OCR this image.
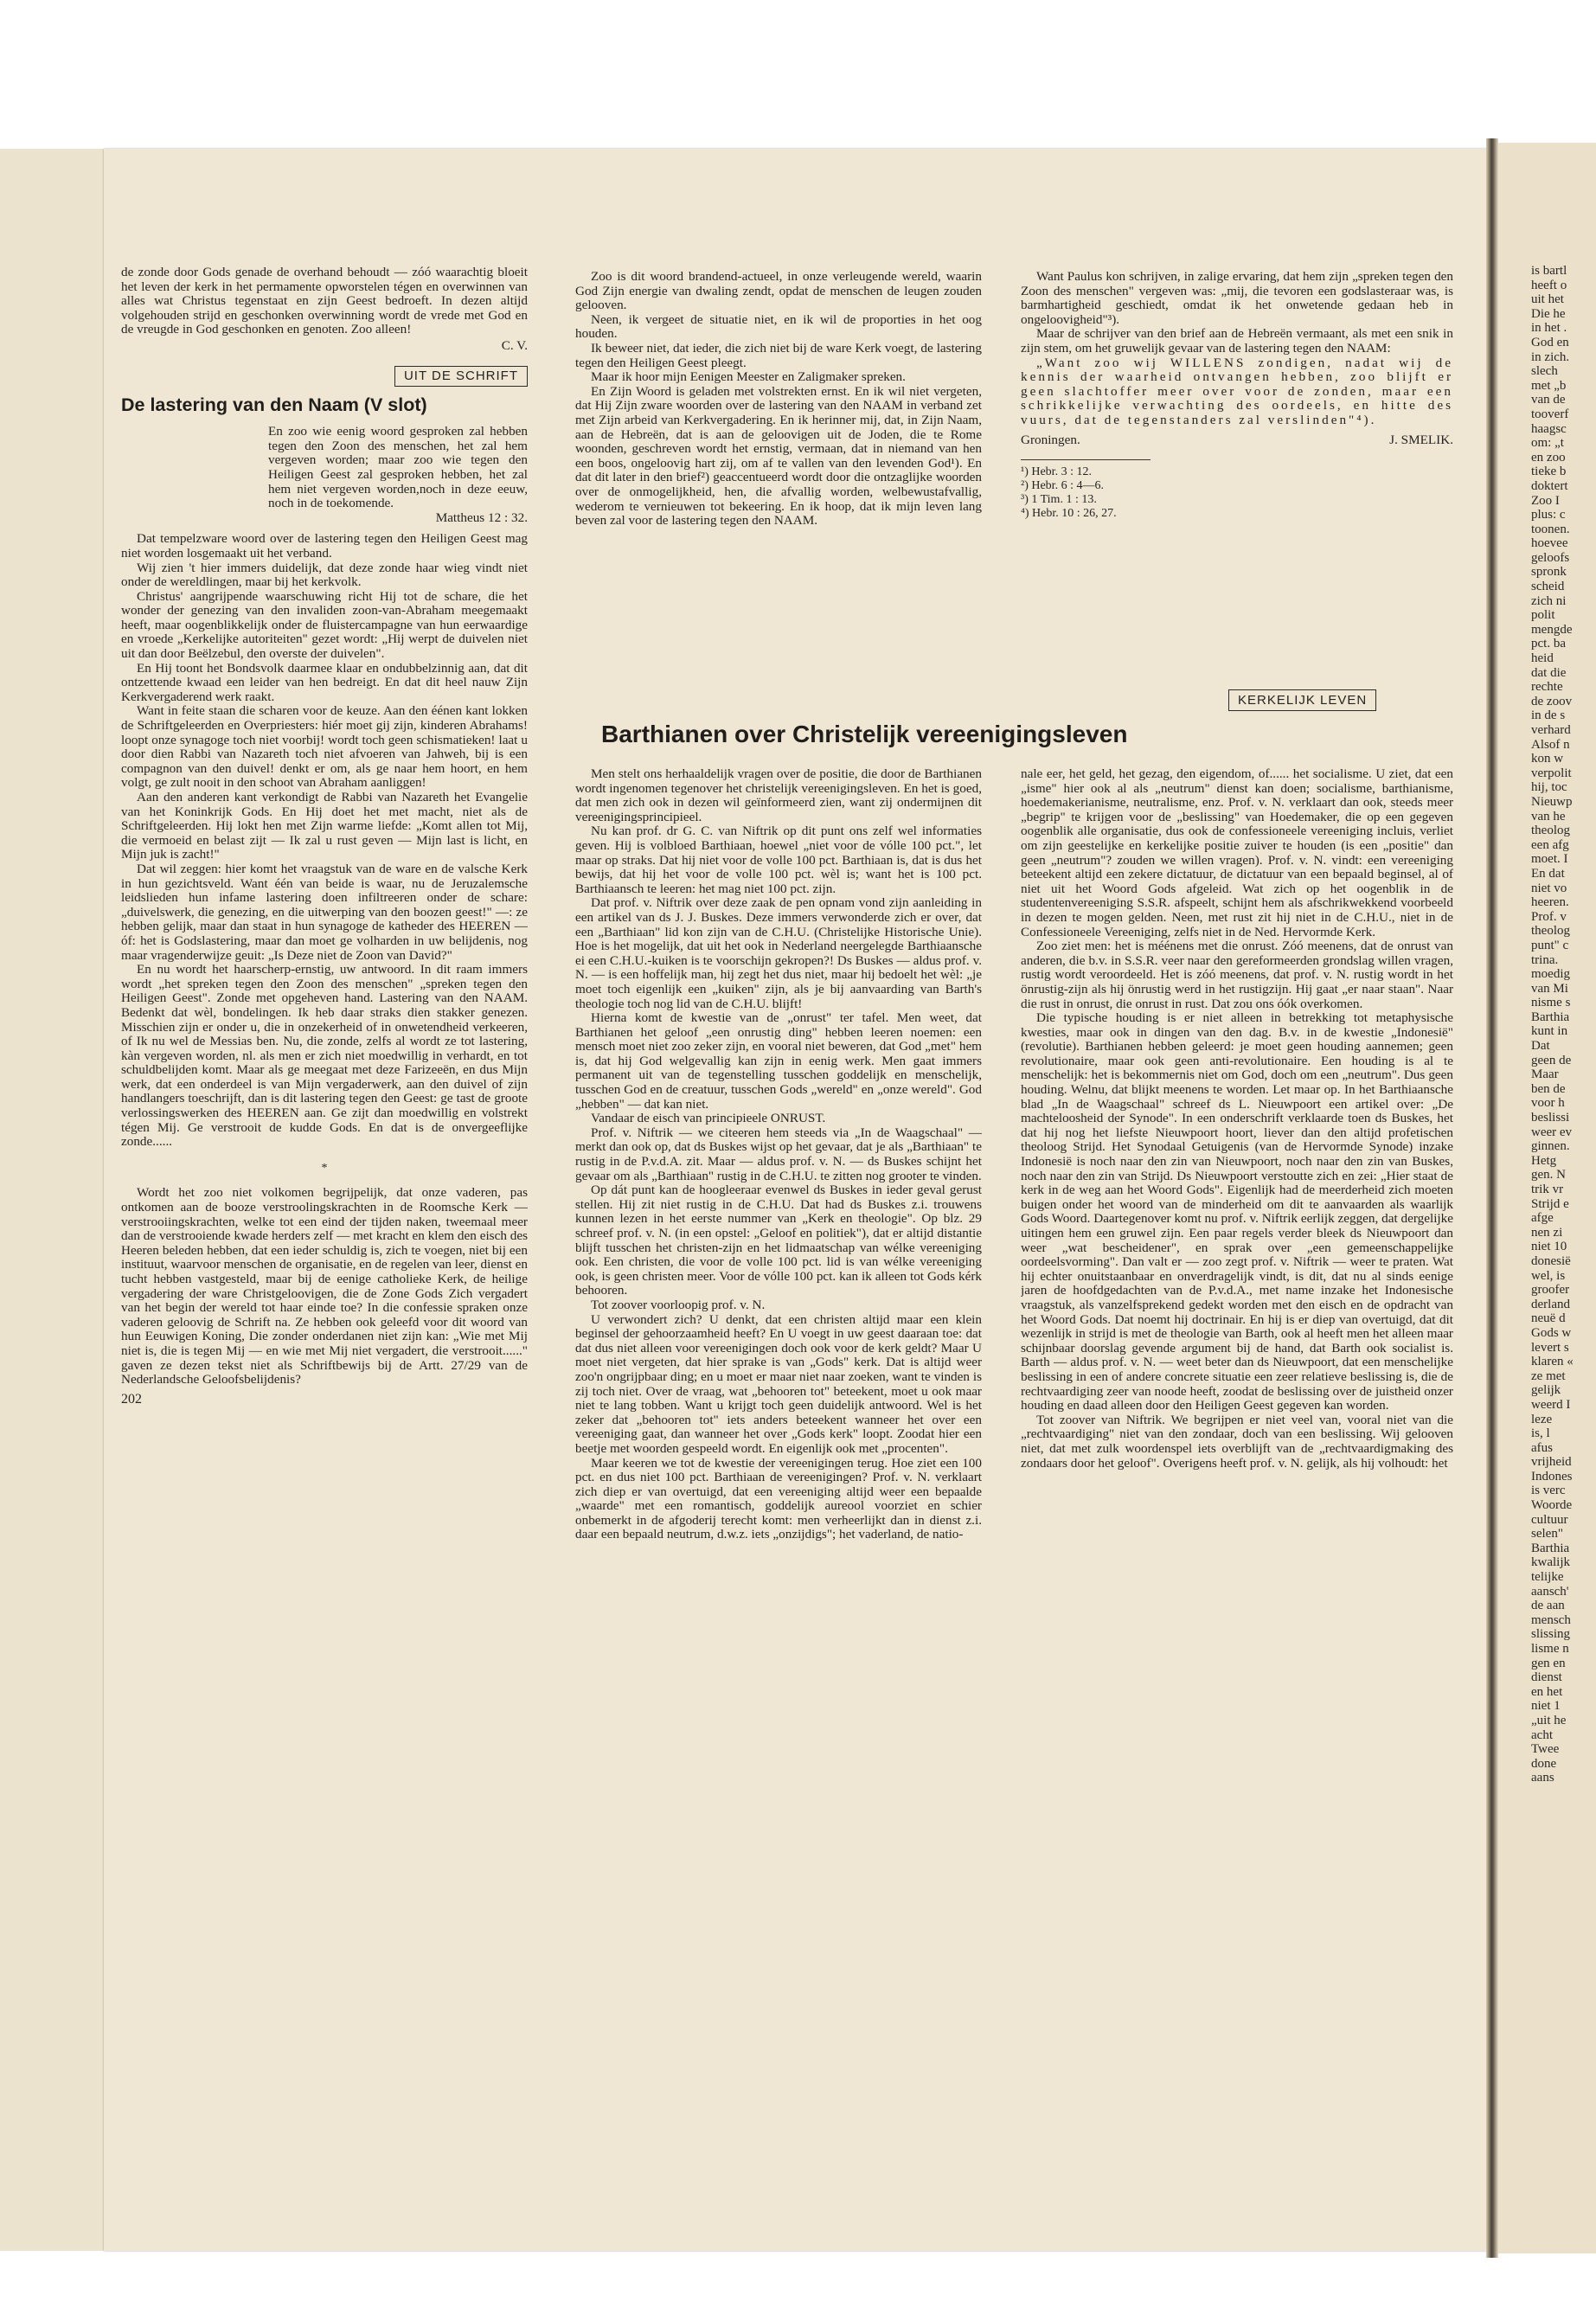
de zonde door Gods genade de overhand behoudt — zóó waarachtig bloeit het leven der kerk in het permamente opworstelen tégen en overwinnen van alles wat Christus tegenstaat en zijn Geest bedroeft. In dezen altijd volgehouden strijd en geschonken overwinning wordt de vrede met God en de vreugde in God geschonken en genoten. Zoo alleen!

C. V.
UIT DE SCHRIFT
De lastering van den Naam (V slot)
En zoo wie eenig woord gesproken zal hebben tegen den Zoon des menschen, het zal hem vergeven worden; maar zoo wie tegen den Heiligen Geest zal gesproken hebben, het zal hem niet vergeven worden,noch in deze eeuw, noch in de toekomende.
Mattheus 12 : 32.

Dat tempelzware woord over de lastering tegen den Heiligen Geest mag niet worden losgemaakt uit het verband.

Wij zien 't hier immers duidelijk, dat deze zonde haar wieg vindt niet onder de wereldlingen, maar bij het kerkvolk.

Christus' aangrijpende waarschuwing richt Hij tot de schare, die het wonder der genezing van den invaliden zoon-van-Abraham meegemaakt heeft, maar oogenblikkelijk onder de fluistercampagne van hun eerwaardige en vroede „Kerkelijke autoriteiten" gezet wordt: „Hij werpt de duivelen niet uit dan door Beëlzebul, den overste der duivelen".

En Hij toont het Bondsvolk daarmee klaar en ondubbelzinnig aan, dat dit ontzettende kwaad een leider van hen bedreigt. En dat dit heel nauw Zijn Kerkvergaderend werk raakt.

Want in feite staan die scharen voor de keuze. Aan den éénen kant lokken de Schriftgeleerden en Overpriesters: hiér moet gij zijn, kinderen Abrahams! loopt onze synagoge toch niet voorbij! wordt toch geen schismatieken! laat u door dien Rabbi van Nazareth toch niet afvoeren van Jahweh, bij is een compagnon van den duivel! denkt er om, als ge naar hem hoort, en hem volgt, ge zult nooit in den schoot van Abraham aanliggen!

Aan den anderen kant verkondigt de Rabbi van Nazareth het Evangelie van het Koninkrijk Gods. En Hij doet het met macht, niet als de Schriftgeleerden. Hij lokt hen met Zijn warme liefde: „Komt allen tot Mij, die vermoeid en belast zijt — Ik zal u rust geven — Mijn last is licht, en Mijn juk is zacht!"

Dat wil zeggen: hier komt het vraagstuk van de ware en de valsche Kerk in hun gezichtsveld. Want één van beide is waar, nu de Jeruzalemsche leidslieden hun infame lastering doen infiltreeren onder de schare: „duivelswerk, die genezing, en die uitwerping van den boozen geest!" —: ze hebben gelijk, maar dan staat in hun synagoge de katheder des HEEREN — óf: het is Godslastering, maar dan moet ge volharden in uw belijdenis, nog maar vragenderwijze geuit: „Is Deze niet de Zoon van David?"

En nu wordt het haarscherp-ernstig, uw antwoord. In dit raam immers wordt „het spreken tegen den Zoon des menschen" „spreken tegen den Heiligen Geest". Zonde met opgeheven hand. Lastering van den NAAM. Bedenkt dat wèl, bondelingen. Ik heb daar straks dien stakker genezen. Misschien zijn er onder u, die in onzekerheid of in onwetendheid verkeeren, of Ik nu wel de Messias ben. Nu, die zonde, zelfs al wordt ze tot lastering, kàn vergeven worden, nl. als men er zich niet moedwillig in verhardt, en tot schuldbelijden komt. Maar als ge meegaat met deze Farizeeën, en dus Mijn werk, dat een onderdeel is van Mijn vergaderwerk, aan den duivel of zijn handlangers toeschrijft, dan is dit lastering tegen den Geest: ge tast de groote verlossingswerken des HEEREN aan. Ge zijt dan moedwillig en volstrekt tégen Mij. Ge verstrooit de kudde Gods. En dat is de onvergeeflijke zonde......

*

Wordt het zoo niet volkomen begrijpelijk, dat onze vaderen, pas ontkomen aan de booze verstroolingskrachten in de Roomsche Kerk — verstrooiingskrachten, welke tot een eind der tijden naken, tweemaal meer dan de verstrooiende kwade herders zelf — met kracht en klem den eisch des Heeren beleden hebben, dat een ieder schuldig is, zich te voegen, niet bij een instituut, waarvoor menschen de organisatie, en de regelen van leer, dienst en tucht hebben vastgesteld, maar bij de eenige catholieke Kerk, de heilige vergadering der ware Christgeloovigen, die de Zone Gods Zich vergadert van het begin der wereld tot haar einde toe? In die confessie spraken onze vaderen geloovig de Schrift na. Ze hebben ook geleefd voor dit woord van hun Eeuwigen Koning, Die zonder onderdanen niet zijn kan: „Wie met Mij niet is, die is tegen Mij — en wie met Mij niet vergadert, die verstrooit......" gaven ze dezen tekst niet als Schriftbewijs bij de Artt. 27/29 van de Nederlandsche Geloofsbelijdenis?

202

Zoo is dit woord brandend-actueel, in onze verleugende wereld, waarin God Zijn energie van dwaling zendt, opdat de menschen de leugen zouden gelooven.

Neen, ik vergeet de situatie niet, en ik wil de proporties in het oog houden.

Ik beweer niet, dat ieder, die zich niet bij de ware Kerk voegt, de lastering tegen den Heiligen Geest pleegt.

Maar ik hoor mijn Eenigen Meester en Zaligmaker spreken.

En Zijn Woord is geladen met volstrekten ernst. En ik wil niet vergeten, dat Hij Zijn zware woorden over de lastering van den NAAM in verband zet met Zijn arbeid van Kerkvergadering. En ik herinner mij, dat, in Zijn Naam, aan de Hebreën, dat is aan de geloovigen uit de Joden, die te Rome woonden, geschreven wordt het ernstig, vermaan, dat in niemand van hen een boos, ongeloovig hart zij, om af te vallen van den levenden God¹). En dat dit later in den brief²) geaccentueerd wordt door die ontzaglijke woorden over de onmogelijkheid, hen, die afvallig worden, welbewustafvallig, wederom te vernieuwen tot bekeering. En ik hoop, dat ik mijn leven lang beven zal voor de lastering tegen den NAAM.

Want Paulus kon schrijven, in zalige ervaring, dat hem zijn „spreken tegen den Zoon des menschen" vergeven was: „mij, die tevoren een godslasteraar was, is barmhartigheid geschiedt, omdat ik het onwetende gedaan heb in ongeloovigheid"³).

Maar de schrijver van den brief aan de Hebreën vermaant, als met een snik in zijn stem, om het gruwelijk gevaar van de lastering tegen den NAAM:

„Want zoo wij WILLENS zondigen, nadat wij de kennis der waarheid ontvangen hebben, zoo blijft er geen slachtoffer meer over voor de zonden, maar een schrikkelijke verwachting des oordeels, en hitte des vuurs, dat de tegenstanders zal verslinden"⁴).

Groningen.	J. SMELIK.
¹) Hebr. 3 : 12.
²) Hebr. 6 : 4—6.
³) 1 Tim. 1 : 13.
⁴) Hebr. 10 : 26, 27.
Barthianen over Christelijk vereenigingsleven
KERKELIJK LEVEN

Men stelt ons herhaaldelijk vragen over de positie, die door de Barthianen wordt ingenomen tegenover het christelijk vereenigingsleven. En het is goed, dat men zich ook in dezen wil geïnformeerd zien, want zij ondermijnen dit vereenigingsprincipieel.

Nu kan prof. dr G. C. van Niftrik op dit punt ons zelf wel informaties geven. Hij is volbloed Barthiaan, hoewel „niet voor de vólle 100 pct.", let maar op straks. Dat hij niet voor de volle 100 pct. Barthiaan is, dat is dus het bewijs, dat hij het voor de volle 100 pct. wèl is; want het is 100 pct. Barthiaansch te leeren: het mag niet 100 pct. zijn.

Dat prof. v. Niftrik over deze zaak de pen opnam vond zijn aanleiding in een artikel van ds J. J. Buskes. Deze immers verwonderde zich er over, dat een „Barthiaan" lid kon zijn van de C.H.U. (Christelijke Historische Unie). Hoe is het mogelijk, dat uit het ook in Nederland neergelegde Barthiaansche ei een C.H.U.-kuiken is te voorschijn gekropen?! Ds Buskes — aldus prof. v. N. — is een hoffelijk man, hij zegt het dus niet, maar hij bedoelt het wèl: „je moet toch eigenlijk een „kuiken" zijn, als je bij aanvaarding van Barth's theologie toch nog lid van de C.H.U. blijft!

Hierna komt de kwestie van de „onrust" ter tafel. Men weet, dat Barthianen het geloof „een onrustig ding" hebben leeren noemen: een mensch moet niet zoo zeker zijn, en vooral niet beweren, dat God „met" hem is, dat hij God welgevallig kan zijn in eenig werk. Men gaat immers permanent uit van de tegenstelling tusschen goddelijk en menschelijk, tusschen God en de creatuur, tusschen Gods „wereld" en „onze wereld". God „hebben" — dat kan niet.

Vandaar de eisch van principieele ONRUST.

Prof. v. Niftrik — we citeeren hem steeds via „In de Waagschaal" — merkt dan ook op, dat ds Buskes wijst op het gevaar, dat je als „Barthiaan" te rustig in de P.v.d.A. zit. Maar — aldus prof. v. N. — ds Buskes schijnt het gevaar om als „Barthiaan" rustig in de C.H.U. te zitten nog grooter te vinden.

Op dát punt kan de hoogleeraar evenwel ds Buskes in ieder geval gerust stellen. Hij zit niet rustig in de C.H.U. Dat had ds Buskes z.i. trouwens kunnen lezen in het eerste nummer van „Kerk en theologie". Op blz. 29 schreef prof. v. N. (in een opstel: „Geloof en politiek"), dat er altijd distantie blijft tusschen het christen-zijn en het lidmaatschap van wélke vereeniging ook. Een christen, die voor de volle 100 pct. lid is van wélke vereeniging ook, is geen christen meer. Voor de vólle 100 pct. kan ik alleen tot Gods kérk behooren.

Tot zoover voorloopig prof. v. N.

U verwondert zich? U denkt, dat een christen altijd maar een klein beginsel der gehoorzaamheid heeft? En U voegt in uw geest daaraan toe: dat dat dus niet alleen voor vereenigingen doch ook voor de kerk geldt? Maar U moet niet vergeten, dat hier sprake is van „Gods" kerk. Dat is altijd weer zoo'n ongrijpbaar ding; en u moet er maar niet naar zoeken, want te vinden is zij toch niet. Over de vraag, wat „behooren tot" beteekent, moet u ook maar niet te lang tobben. Want u krijgt toch geen duidelijk antwoord. Wel is het zeker dat „behooren tot" iets anders beteekent wanneer het over een vereeniging gaat, dan wanneer het over „Gods kerk" loopt. Zoodat hier een beetje met woorden gespeeld wordt. En eigenlijk ook met „procenten".

Maar keeren we tot de kwestie der vereenigingen terug. Hoe ziet een 100 pct. en dus niet 100 pct. Barthiaan de vereenigingen? Prof. v. N. verklaart zich diep er van overtuigd, dat een vereeniging altijd weer een bepaalde „waarde" met een romantisch, goddelijk aureool voorziet en schier onbemerkt in de afgoderij terecht komt: men verheerlijkt dan in dienst z.i. daar een bepaald neutrum, d.w.z. iets „onzijdigs"; het vaderland, de natio-

nale eer, het geld, het gezag, den eigendom, of...... het socialisme. U ziet, dat een „isme" hier ook al als „neutrum" dienst kan doen; socialisme, barthianisme, hoedemakerianisme, neutralisme, enz. Prof. v. N. verklaart dan ook, steeds meer „begrip" te krijgen voor de „beslissing" van Hoedemaker, die op een gegeven oogenblik alle organisatie, dus ook de confessioneele vereeniging incluis, verliet om zijn geestelijke en kerkelijke positie zuiver te houden (is een „positie" dan geen „neutrum"? zouden we willen vragen). Prof. v. N. vindt: een vereeniging beteekent altijd een zekere dictatuur, de dictatuur van een bepaald beginsel, al of niet uit het Woord Gods afgeleid. Wat zich op het oogenblik in de studentenvereeniging S.S.R. afspeelt, schijnt hem als afschrikwekkend voorbeeld in dezen te mogen gelden. Neen, met rust zit hij niet in de C.H.U., niet in de Confessioneele Vereeniging, zelfs niet in de Ned. Hervormde Kerk.

Zoo ziet men: het is méénens met die onrust. Zóó meenens, dat de onrust van anderen, die b.v. in S.S.R. veer naar den gereformeerden grondslag willen vragen, rustig wordt veroordeeld. Het is zóó meenens, dat prof. v. N. rustig wordt in het önrustig-zijn als hij önrustig werd in het rustigzijn. Hij gaat „er naar staan". Naar die rust in onrust, die onrust in rust. Dat zou ons óók overkomen.

Die typische houding is er niet alleen in betrekking tot metaphysische kwesties, maar ook in dingen van den dag. B.v. in de kwestie „Indonesië" (revolutie). Barthianen hebben geleerd: je moet geen houding aannemen; geen revolutionaire, maar ook geen anti-revolutionaire. Een houding is al te menschelijk: het is bekommernis niet om God, doch om een „neutrum". Dus geen houding. Welnu, dat blijkt meenens te worden. Let maar op. In het Barthiaansche blad „In de Waagschaal" schreef ds L. Nieuwpoort een artikel over: „De machteloosheid der Synode". In een onderschrift verklaarde toen ds Buskes, het dat hij nog het liefste Nieuwpoort hoort, liever dan den altijd profetischen theoloog Strijd. Het Synodaal Getuigenis (van de Hervormde Synode) inzake Indonesië is noch naar den zin van Nieuwpoort, noch naar den zin van Buskes, noch naar den zin van Strijd. Ds Nieuwpoort verstoutte zich en zei: „Hier staat de kerk in de weg aan het Woord Gods". Eigenlijk had de meerderheid zich moeten buigen onder het woord van de minderheid om dit te aanvaarden als waarlijk Gods Woord. Daartegenover komt nu prof. v. Niftrik eerlijk zeggen, dat dergelijke uitingen hem een gruwel zijn. Een paar regels verder bleek ds Nieuwpoort dan weer „wat bescheidener", en sprak over „een gemeenschappelijke oordeelsvorming". Dan valt er — zoo zegt prof. v. Niftrik — weer te praten. Wat hij echter onuitstaanbaar en onverdragelijk vindt, is dit, dat nu al sinds eenige jaren de hoofdgedachten van de P.v.d.A., met name inzake het Indonesische vraagstuk, als vanzelfsprekend gedekt worden met den eisch en de opdracht van het Woord Gods. Dat noemt hij doctrinair. En hij is er diep van overtuigd, dat dit wezenlijk in strijd is met de theologie van Barth, ook al heeft men het alleen maar schijnbaar doorslag gevende argument bij de hand, dat Barth ook socialist is. Barth — aldus prof. v. N. — weet beter dan ds Nieuwpoort, dat een menschelijke beslissing in een of andere concrete situatie een zeer relatieve beslissing is, die de rechtvaardiging zeer van noode heeft, zoodat de beslissing over de juistheid onzer houding en daad alleen door den Heiligen Geest gegeven kan worden.

Tot zoover van Niftrik. We begrijpen er niet veel van, vooral niet van die „rechtvaardiging" niet van den zondaar, doch van een beslissing. Wij gelooven niet, dat met zulk woordenspel iets overblijft van de „rechtvaardigmaking des zondaars door het geloof". Overigens heeft prof. v. N. gelijk, als hij volhoudt: het

is bartl
heeft o
uit het
Die he
in het .
God en
in zich.
slech
met „b
van de
tooverf
haagsc
om: „t
en zoo
tieke b
doktert
Zoo I
plus: c
toonen.
hoevee
geloofs
spronk
scheid
zich ni
polit
mengde
pct. ba
heid
dat die
rechte
de zoov
in de s
verhard
Alsof n
kon w
verpolit
hij, toc
Nieuwp
van he
theolog
een afg
moet. I
En dat
niet vo
heeren.
Prof. v
theolog
punt" c
trina.
moedig
van Mi
nisme s
Barthia
kunt in
Dat
geen de
Maar
ben de
voor h
beslissi
weer ev
ginnen.
Hetg
gen. N
trik vr
Strijd e
afge
nen zi
niet 10
donesië
wel, is
groofer
derland
neuë d
Gods w
levert s
klaren «
ze met
gelijk
weerd I
leze
is, l
afus
vrijheid
Indones
is verc
Woorde
cultuur
selen"
Barthia
kwalijk
telijke
aansch'
de aan
mensch
slissing
lisme n
gen en
dienst
en het
niet 1
„uit he
acht
Twee
done
aans
